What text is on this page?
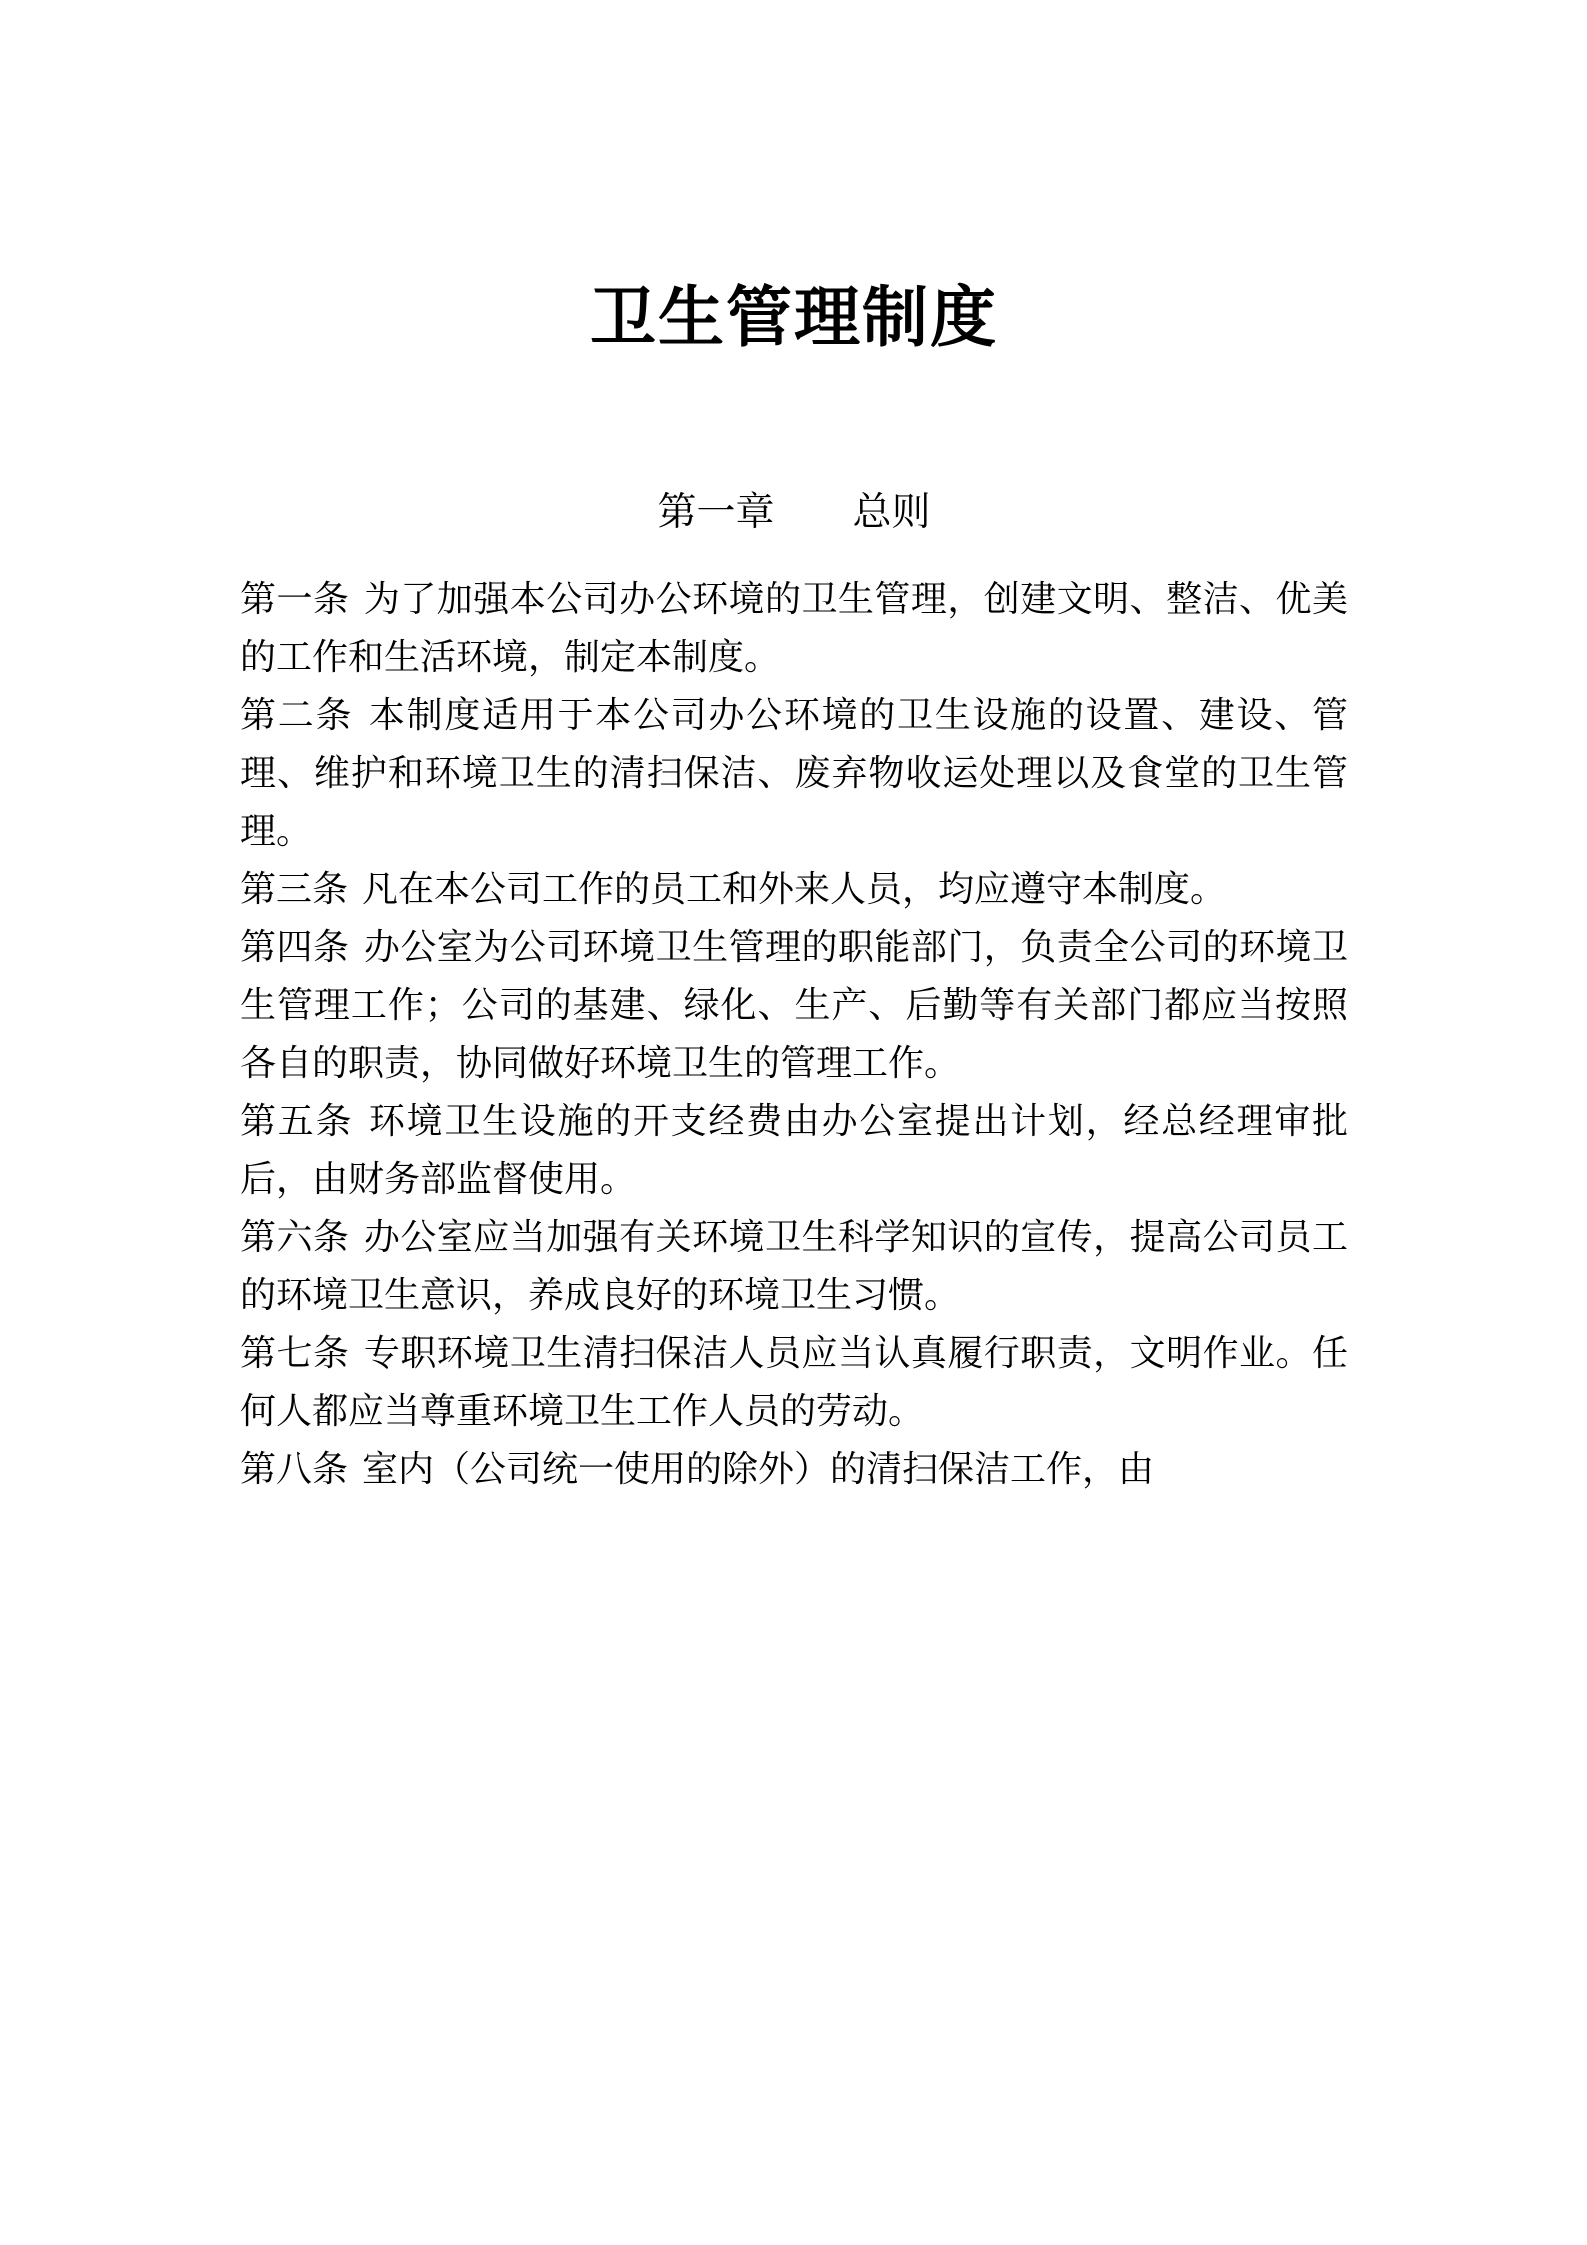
卫生管理制度
第一章　　总则

第一条 为了加强本公司办公环境的卫生管理，创建文明、整洁、优美的工作和生活环境，制定本制度。

第二条 本制度适用于本公司办公环境的卫生设施的设置、建设、管理、维护和环境卫生的清扫保洁、废弃物收运处理以及食堂的卫生管理。

第三条 凡在本公司工作的员工和外来人员，均应遵守本制度。

第四条 办公室为公司环境卫生管理的职能部门，负责全公司的环境卫生管理工作；公司的基建、绿化、生产、后勤等有关部门都应当按照各自的职责，协同做好环境卫生的管理工作。

第五条 环境卫生设施的开支经费由办公室提出计划，经总经理审批后，由财务部监督使用。

第六条 办公室应当加强有关环境卫生科学知识的宣传，提高公司员工的环境卫生意识，养成良好的环境卫生习惯。

第七条 专职环境卫生清扫保洁人员应当认真履行职责，文明作业。任何人都应当尊重环境卫生工作人员的劳动。

第八条 室内（公司统一使用的除外）的清扫保洁工作，由
